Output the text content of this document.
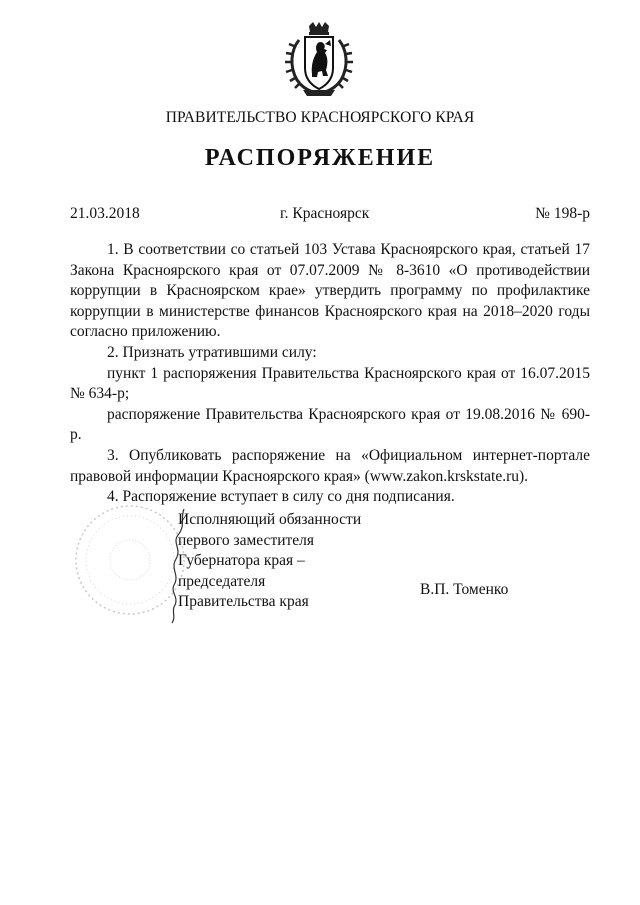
ПРАВИТЕЛЬСТВО КРАСНОЯРСКОГО КРАЯ
РАСПОРЯЖЕНИЕ
21.03.2018	г. Красноярск	№ 198-р

1. В соответствии со статьей 103 Устава Красноярского края, статьей 17 Закона Красноярского края от 07.07.2009 № 8-3610 «О противодействии коррупции в Красноярском крае» утвердить программу по профилактике коррупции в министерстве финансов Красноярского края на 2018–2020 годы согласно приложению.

2. Признать утратившими силу:

пункт 1 распоряжения Правительства Красноярского края от 16.07.2015 № 634-р;

распоряжение Правительства Красноярского края от 19.08.2016 № 690-р.

3. Опубликовать распоряжение на «Официальном интернет-портале правовой информации Красноярского края» (www.zakon.krskstate.ru).

4. Распоряжение вступает в силу со дня подписания.

Исполняющий обязанности
первого заместителя
Губернатора края –
председателя
Правительства края
В.П. Томенко
